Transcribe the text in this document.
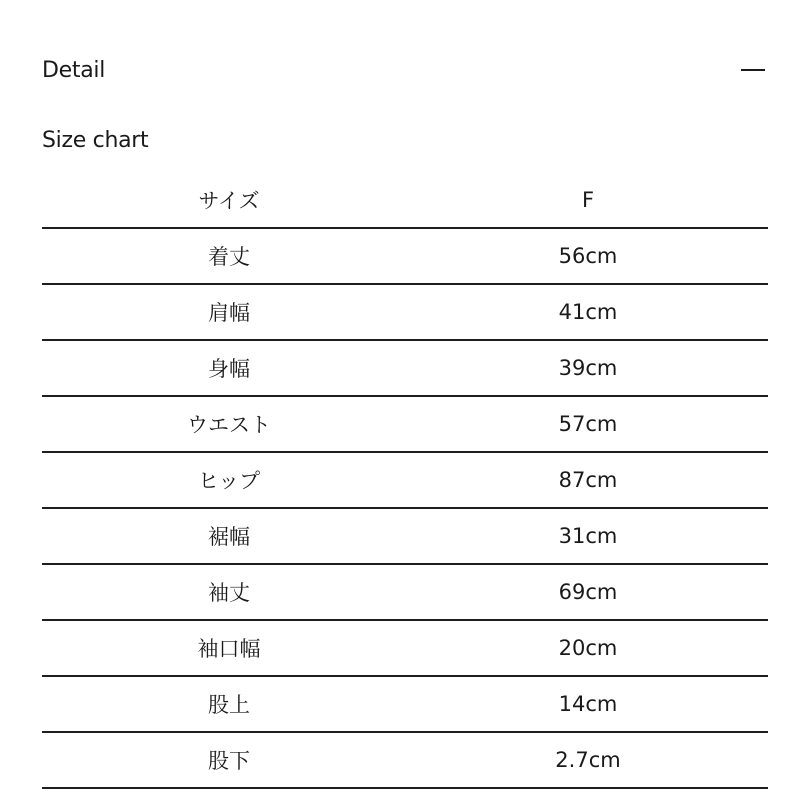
Detail
Size chart
サイズ	F
着丈	56cm
肩幅	41cm
身幅	39cm
ウエスト	57cm
ヒップ	87cm
裾幅	31cm
袖丈	69cm
袖口幅	20cm
股上	14cm
股下	2.7cm
